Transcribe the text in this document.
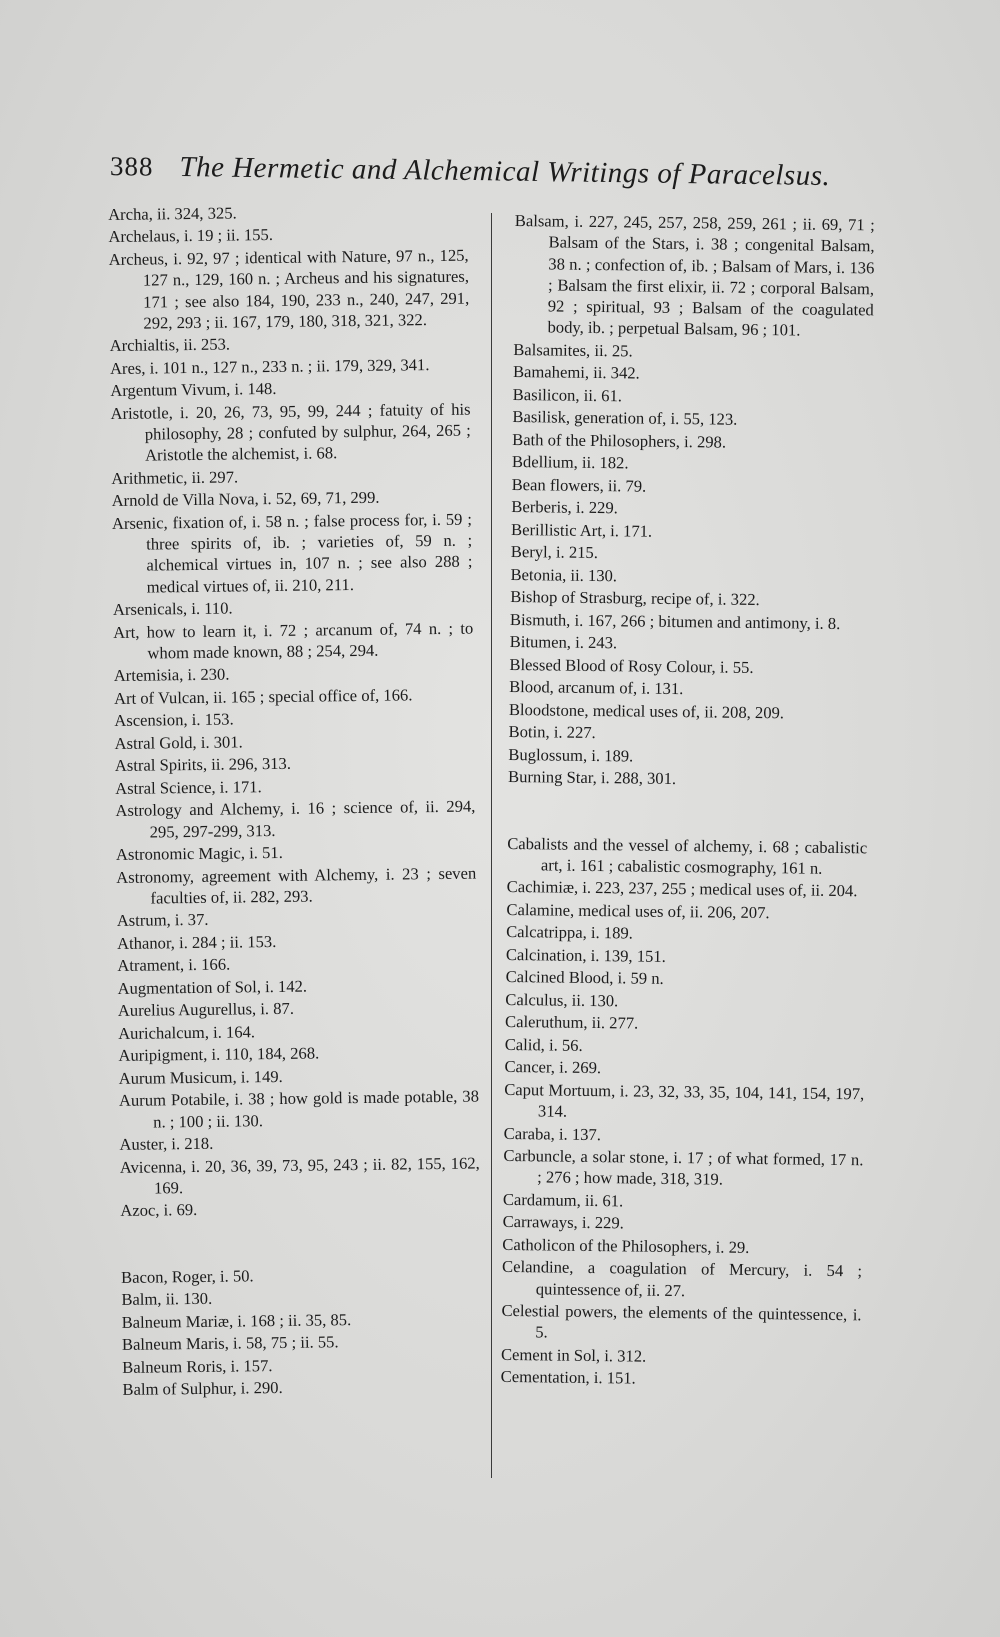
388 The Hermetic and Alchemical Writings of Paracelsus.

Archa, ii. 324, 325.

Archelaus, i. 19 ; ii. 155.

Archeus, i. 92, 97 ; identical with Nature, 97 n., 125, 127 n., 129, 160 n. ; Archeus and his signatures, 171 ; see also 184, 190, 233 n., 240, 247, 291, 292, 293 ; ii. 167, 179, 180, 318, 321, 322.

Archialtis, ii. 253.

Ares, i. 101 n., 127 n., 233 n. ; ii. 179, 329, 341.

Argentum Vivum, i. 148.

Aristotle, i. 20, 26, 73, 95, 99, 244 ; fatuity of his philosophy, 28 ; confuted by sulphur, 264, 265 ; Aristotle the alchemist, i. 68.

Arithmetic, ii. 297.

Arnold de Villa Nova, i. 52, 69, 71, 299.

Arsenic, fixation of, i. 58 n. ; false process for, i. 59 ; three spirits of, ib. ; varieties of, 59 n. ; alchemical virtues in, 107 n. ; see also 288 ; medical virtues of, ii. 210, 211.

Arsenicals, i. 110.

Art, how to learn it, i. 72 ; arcanum of, 74 n. ; to whom made known, 88 ; 254, 294.

Artemisia, i. 230.

Art of Vulcan, ii. 165 ; special office of, 166.

Ascension, i. 153.

Astral Gold, i. 301.

Astral Spirits, ii. 296, 313.

Astral Science, i. 171.

Astrology and Alchemy, i. 16 ; science of, ii. 294, 295, 297-299, 313.

Astronomic Magic, i. 51.

Astronomy, agreement with Alchemy, i. 23 ; seven faculties of, ii. 282, 293.

Astrum, i. 37.

Athanor, i. 284 ; ii. 153.

Atrament, i. 166.

Augmentation of Sol, i. 142.

Aurelius Augurellus, i. 87.

Aurichalcum, i. 164.

Auripigment, i. 110, 184, 268.

Aurum Musicum, i. 149.

Aurum Potabile, i. 38 ; how gold is made potable, 38 n. ; 100 ; ii. 130.

Auster, i. 218.

Avicenna, i. 20, 36, 39, 73, 95, 243 ; ii. 82, 155, 162, 169.

Azoc, i. 69.

Bacon, Roger, i. 50.

Balm, ii. 130.

Balneum Mariæ, i. 168 ; ii. 35, 85.

Balneum Maris, i. 58, 75 ; ii. 55.

Balneum Roris, i. 157.

Balm of Sulphur, i. 290.

Balsam, i. 227, 245, 257, 258, 259, 261 ; ii. 69, 71 ; Balsam of the Stars, i. 38 ; congenital Balsam, 38 n. ; confection of, ib. ; Balsam of Mars, i. 136 ; Balsam the first elixir, ii. 72 ; corporal Balsam, 92 ; spiritual, 93 ; Balsam of the coagulated body, ib. ; perpetual Balsam, 96 ; 101.

Balsamites, ii. 25.

Bamahemi, ii. 342.

Basilicon, ii. 61.

Basilisk, generation of, i. 55, 123.

Bath of the Philosophers, i. 298.

Bdellium, ii. 182.

Bean flowers, ii. 79.

Berberis, i. 229.

Berillistic Art, i. 171.

Beryl, i. 215.

Betonia, ii. 130.

Bishop of Strasburg, recipe of, i. 322.

Bismuth, i. 167, 266 ; bitumen and antimony, i. 8.

Bitumen, i. 243.

Blessed Blood of Rosy Colour, i. 55.

Blood, arcanum of, i. 131.

Bloodstone, medical uses of, ii. 208, 209.

Botin, i. 227.

Buglossum, i. 189.

Burning Star, i. 288, 301.

Cabalists and the vessel of alchemy, i. 68 ; cabalistic art, i. 161 ; cabalistic cosmography, 161 n.

Cachimiæ, i. 223, 237, 255 ; medical uses of, ii. 204.

Calamine, medical uses of, ii. 206, 207.

Calcatrippa, i. 189.

Calcination, i. 139, 151.

Calcined Blood, i. 59 n.

Calculus, ii. 130.

Caleruthum, ii. 277.

Calid, i. 56.

Cancer, i. 269.

Caput Mortuum, i. 23, 32, 33, 35, 104, 141, 154, 197, 314.

Caraba, i. 137.

Carbuncle, a solar stone, i. 17 ; of what formed, 17 n. ; 276 ; how made, 318, 319.

Cardamum, ii. 61.

Carraways, i. 229.

Catholicon of the Philosophers, i. 29.

Celandine, a coagulation of Mercury, i. 54 ; quintessence of, ii. 27.

Celestial powers, the elements of the quintessence, i. 5.

Cement in Sol, i. 312.

Cementation, i. 151.
